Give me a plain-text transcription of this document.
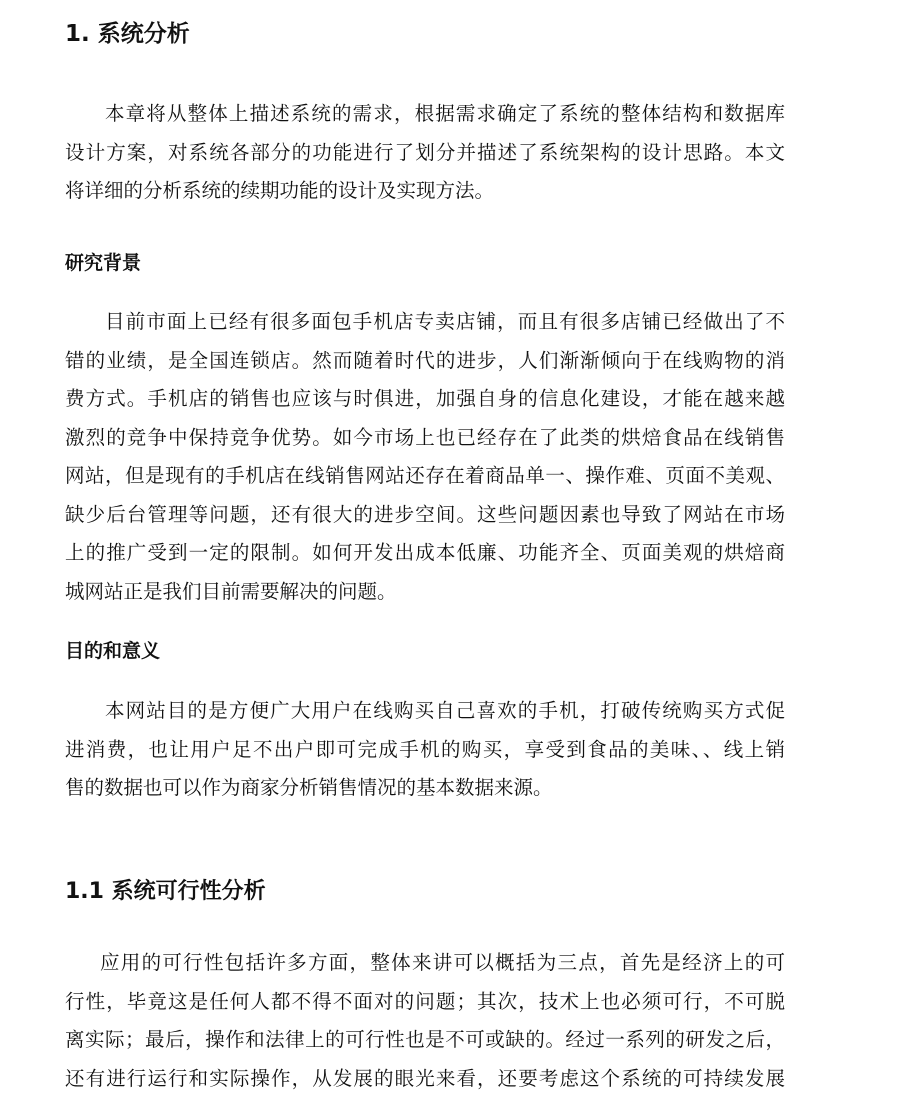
1. 系统分析
本章将从整体上描述系统的需求，根据需求确定了系统的整体结构和数据库
设计方案，对系统各部分的功能进行了划分并描述了系统架构的设计思路。本文
将详细的分析系统的续期功能的设计及实现方法。
研究背景
目前市面上已经有很多面包手机店专卖店铺，而且有很多店铺已经做出了不
错的业绩，是全国连锁店。然而随着时代的进步，人们渐渐倾向于在线购物的消
费方式。手机店的销售也应该与时俱进，加强自身的信息化建设，才能在越来越
激烈的竞争中保持竞争优势。如今市场上也已经存在了此类的烘焙食品在线销售
网站，但是现有的手机店在线销售网站还存在着商品单一、操作难、页面不美观、
缺少后台管理等问题，还有很大的进步空间。这些问题因素也导致了网站在市场
上的推广受到一定的限制。如何开发出成本低廉、功能齐全、页面美观的烘焙商
城网站正是我们目前需要解决的问题。
目的和意义
本网站目的是方便广大用户在线购买自己喜欢的手机，打破传统购买方式促
进消费，也让用户足不出户即可完成手机的购买，享受到食品的美味、、线上销
售的数据也可以作为商家分析销售情况的基本数据来源。
1.1 系统可行性分析
应用的可行性包括许多方面，整体来讲可以概括为三点，首先是经济上的可
行性，毕竟这是任何人都不得不面对的问题；其次，技术上也必须可行，不可脱
离实际；最后，操作和法律上的可行性也是不可或缺的。经过一系列的研发之后，
还有进行运行和实际操作，从发展的眼光来看，还要考虑这个系统的可持续发展
